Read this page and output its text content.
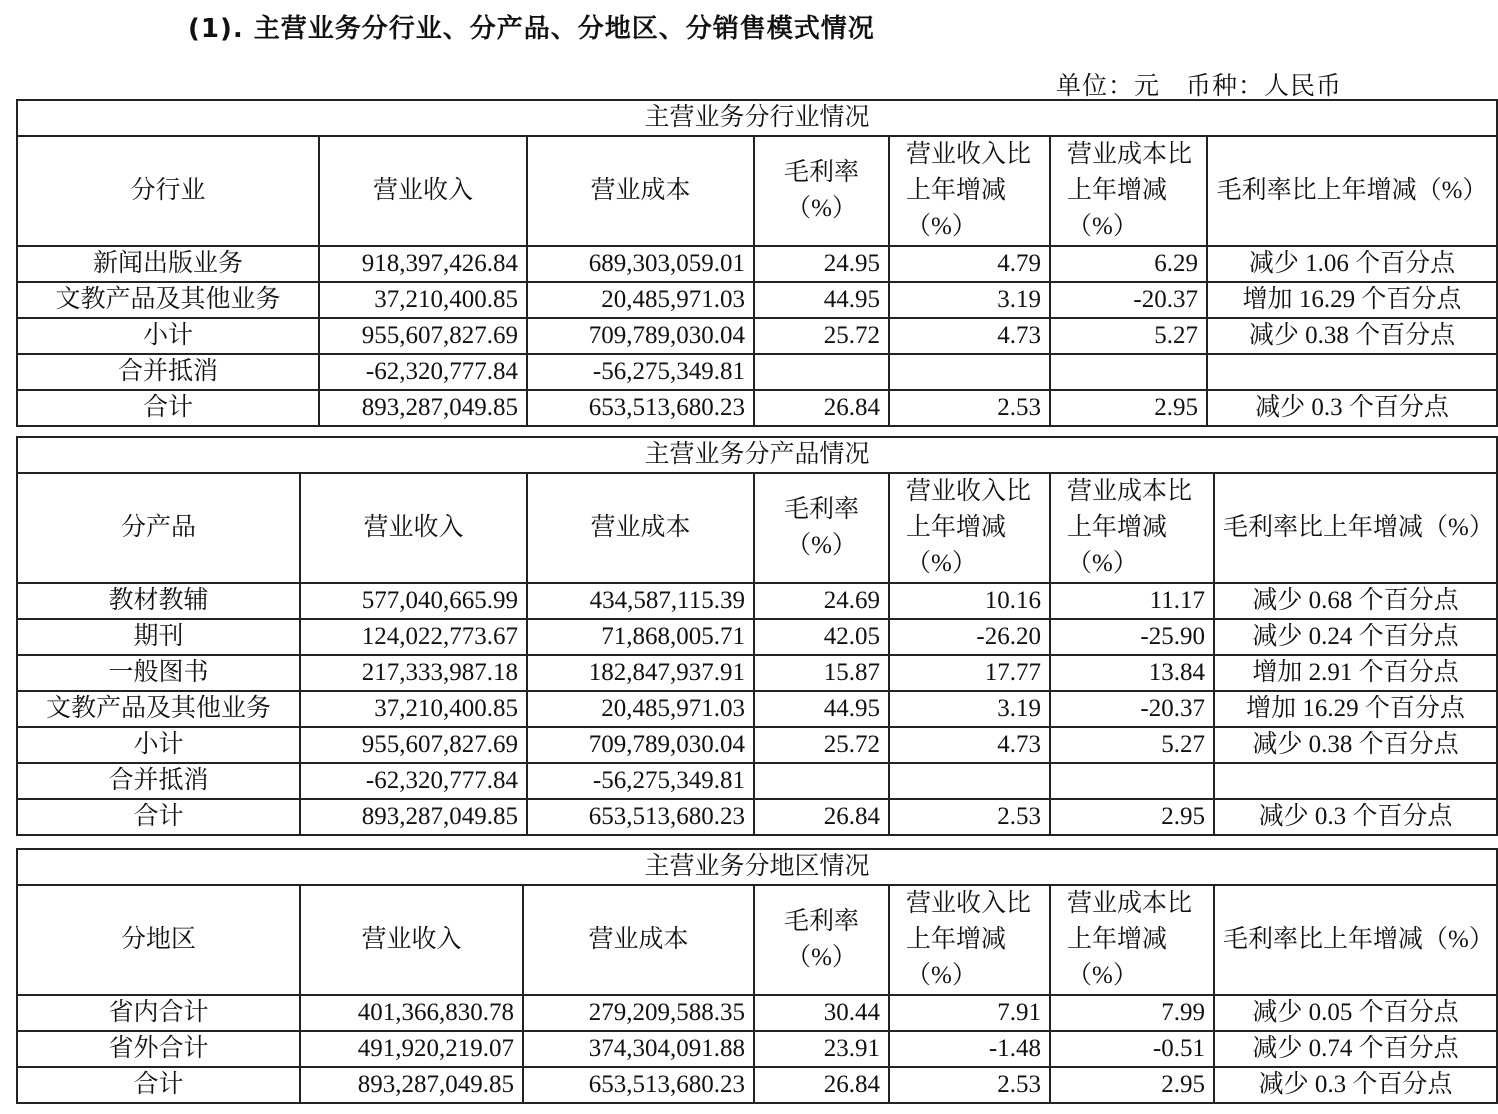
(1). 主营业务分行业、分产品、分地区、分销售模式情况
单位：元　币种：人民币
主营业务分行业情况						
分行业	营业收入	营业成本	毛利率（%）	营业收入比上年增减（%）	营业成本比上年增减（%）	毛利率比上年增减（%）
新闻出版业务	918,397,426.84	689,303,059.01	24.95	4.79	6.29	减少 1.06 个百分点
文教产品及其他业务	37,210,400.85	20,485,971.03	44.95	3.19	-20.37	增加 16.29 个百分点
小计	955,607,827.69	709,789,030.04	25.72	4.73	5.27	减少 0.38 个百分点
合并抵消	-62,320,777.84	-56,275,349.81				
合计	893,287,049.85	653,513,680.23	26.84	2.53	2.95	减少 0.3 个百分点
主营业务分产品情况						
分产品	营业收入	营业成本	毛利率（%）	营业收入比上年增减（%）	营业成本比上年增减（%）	毛利率比上年增减（%）
教材教辅	577,040,665.99	434,587,115.39	24.69	10.16	11.17	减少 0.68 个百分点
期刊	124,022,773.67	71,868,005.71	42.05	-26.20	-25.90	减少 0.24 个百分点
一般图书	217,333,987.18	182,847,937.91	15.87	17.77	13.84	增加 2.91 个百分点
文教产品及其他业务	37,210,400.85	20,485,971.03	44.95	3.19	-20.37	增加 16.29 个百分点
小计	955,607,827.69	709,789,030.04	25.72	4.73	5.27	减少 0.38 个百分点
合并抵消	-62,320,777.84	-56,275,349.81				
合计	893,287,049.85	653,513,680.23	26.84	2.53	2.95	减少 0.3 个百分点
主营业务分地区情况						
分地区	营业收入	营业成本	毛利率（%）	营业收入比上年增减（%）	营业成本比上年增减（%）	毛利率比上年增减（%）
省内合计	401,366,830.78	279,209,588.35	30.44	7.91	7.99	减少 0.05 个百分点
省外合计	491,920,219.07	374,304,091.88	23.91	-1.48	-0.51	减少 0.74 个百分点
合计	893,287,049.85	653,513,680.23	26.84	2.53	2.95	减少 0.3 个百分点
